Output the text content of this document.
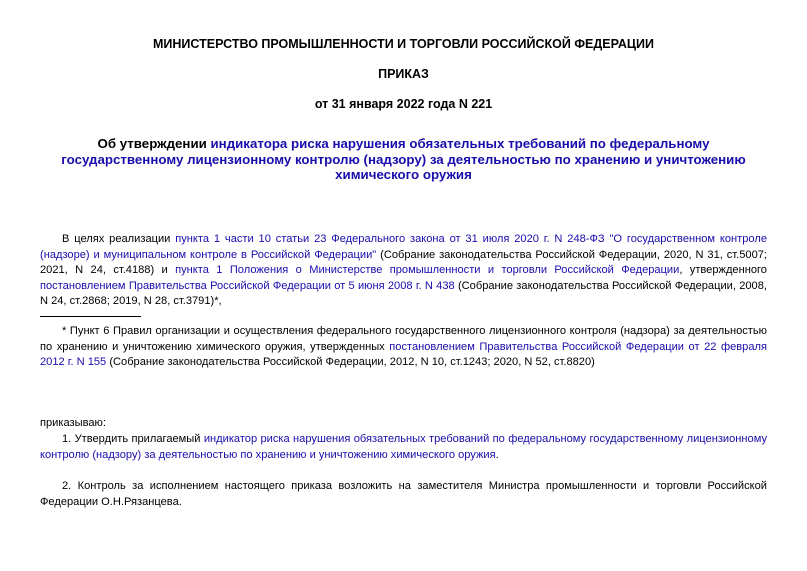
МИНИСТЕРСТВО ПРОМЫШЛЕННОСТИ И ТОРГОВЛИ РОССИЙСКОЙ ФЕДЕРАЦИИ
ПРИКАЗ
от 31 января 2022 года N 221
Об утверждении индикатора риска нарушения обязательных требований по федеральному государственному лицензионному контролю (надзору) за деятельностью по хранению и уничтожению химического оружия
В целях реализации пункта 1 части 10 статьи 23 Федерального закона от 31 июля 2020 г. N 248-ФЗ "О государственном контроле (надзоре) и муниципальном контроле в Российской Федерации" (Собрание законодательства Российской Федерации, 2020, N 31, ст.5007; 2021, N 24, ст.4188) и пункта 1 Положения о Министерстве промышленности и торговли Российской Федерации, утвержденного постановлением Правительства Российской Федерации от 5 июня 2008 г. N 438 (Собрание законодательства Российской Федерации, 2008, N 24, ст.2868; 2019, N 28, ст.3791)*,
* Пункт 6 Правил организации и осуществления федерального государственного лицензионного контроля (надзора) за деятельностью по хранению и уничтожению химического оружия, утвержденных постановлением Правительства Российской Федерации от 22 февраля 2012 г. N 155 (Собрание законодательства Российской Федерации, 2012, N 10, ст.1243; 2020, N 52, ст.8820)
приказываю:
1. Утвердить прилагаемый индикатор риска нарушения обязательных требований по федеральному государственному лицензионному контролю (надзору) за деятельностью по хранению и уничтожению химического оружия.
2. Контроль за исполнением настоящего приказа возложить на заместителя Министра промышленности и торговли Российской Федерации О.Н.Рязанцева.
